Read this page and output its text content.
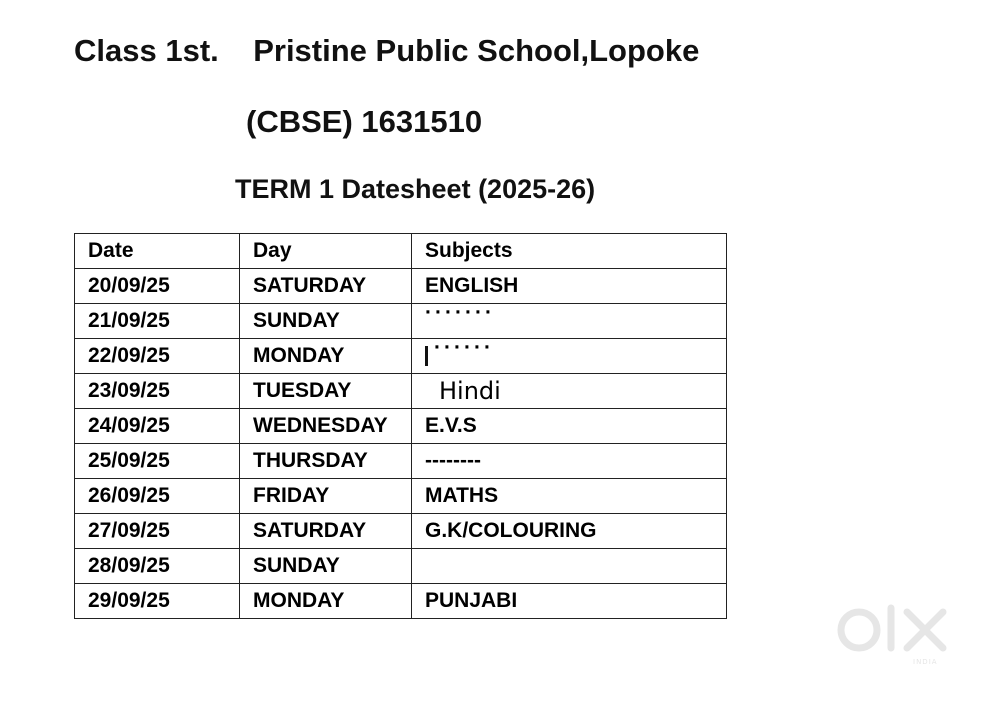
Class 1st.    Pristine Public School,Lopoke
(CBSE) 1631510
TERM 1 Datesheet (2025-26)
Date	Day	Subjects
20/09/25	SATURDAY	ENGLISH
21/09/25	SUNDAY	·······
22/09/25	MONDAY	······
23/09/25	TUESDAY	Hindi
24/09/25	WEDNESDAY	E.V.S
25/09/25	THURSDAY	--------
26/09/25	FRIDAY	MATHS
27/09/25	SATURDAY	G.K/COLOURING
28/09/25	SUNDAY	
29/09/25	MONDAY	PUNJABI
INDIA
